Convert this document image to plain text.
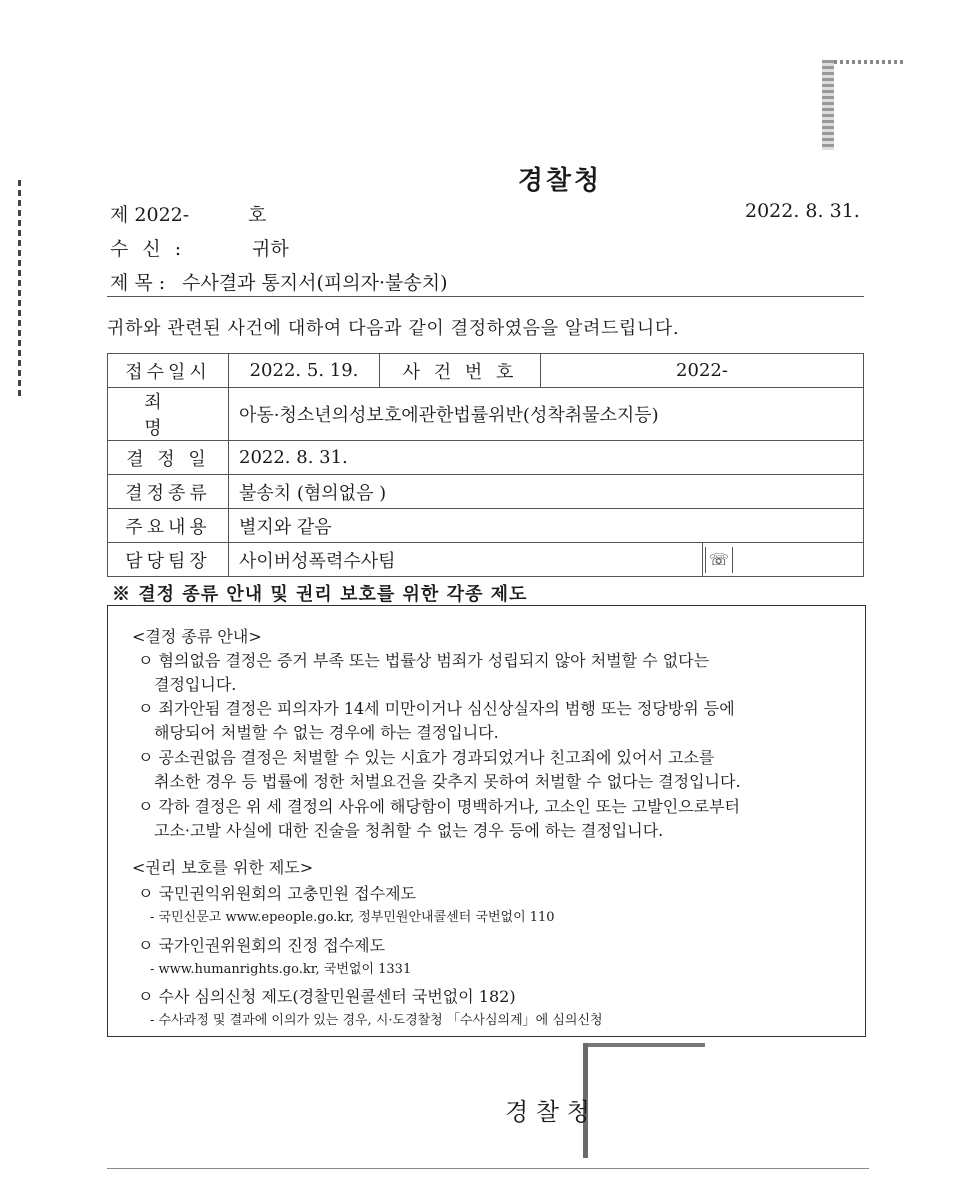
경찰청
제 2022-	호	2022. 8. 31.
수 신 :	귀하
제 목 : 수사결과 통지서(피의자·불송치)
귀하와 관련된 사건에 대하여 다음과 같이 결정하였음을 알려드립니다.
접수일시	2022. 5. 19.	사 건 번 호	2022-	
죄 명	아동·청소년의성보호에관한법률위반(성착취물소지등)			
결 정 일	2022. 8. 31.			
결정종류	불송치 (혐의없음 )			
주요내용	별지와 같음			
담당팀장	사이버성폭력수사팀			☏
※ 결정 종류 안내 및 권리 보호를 위한 각종 제도
<결정 종류 안내>
ㅇ 혐의없음 결정은 증거 부족 또는 법률상 범죄가 성립되지 않아 처벌할 수 없다는
결정입니다.
ㅇ 죄가안됨 결정은 피의자가 14세 미만이거나 심신상실자의 범행 또는 정당방위 등에
해당되어 처벌할 수 없는 경우에 하는 결정입니다.
ㅇ 공소권없음 결정은 처벌할 수 있는 시효가 경과되었거나 친고죄에 있어서 고소를
취소한 경우 등 법률에 정한 처벌요건을 갖추지 못하여 처벌할 수 없다는 결정입니다.
ㅇ 각하 결정은 위 세 결정의 사유에 해당함이 명백하거나, 고소인 또는 고발인으로부터
고소·고발 사실에 대한 진술을 청취할 수 없는 경우 등에 하는 결정입니다.
<권리 보호를 위한 제도>
ㅇ 국민권익위원회의 고충민원 접수제도
- 국민신문고 www.epeople.go.kr, 정부민원안내콜센터 국번없이 110
ㅇ 국가인권위원회의 진정 접수제도
- www.humanrights.go.kr, 국번없이 1331
ㅇ 수사 심의신청 제도(경찰민원콜센터 국번없이 182)
- 수사과정 및 결과에 이의가 있는 경우, 시·도경찰청 「수사심의계」에 심의신청
경 찰 청
